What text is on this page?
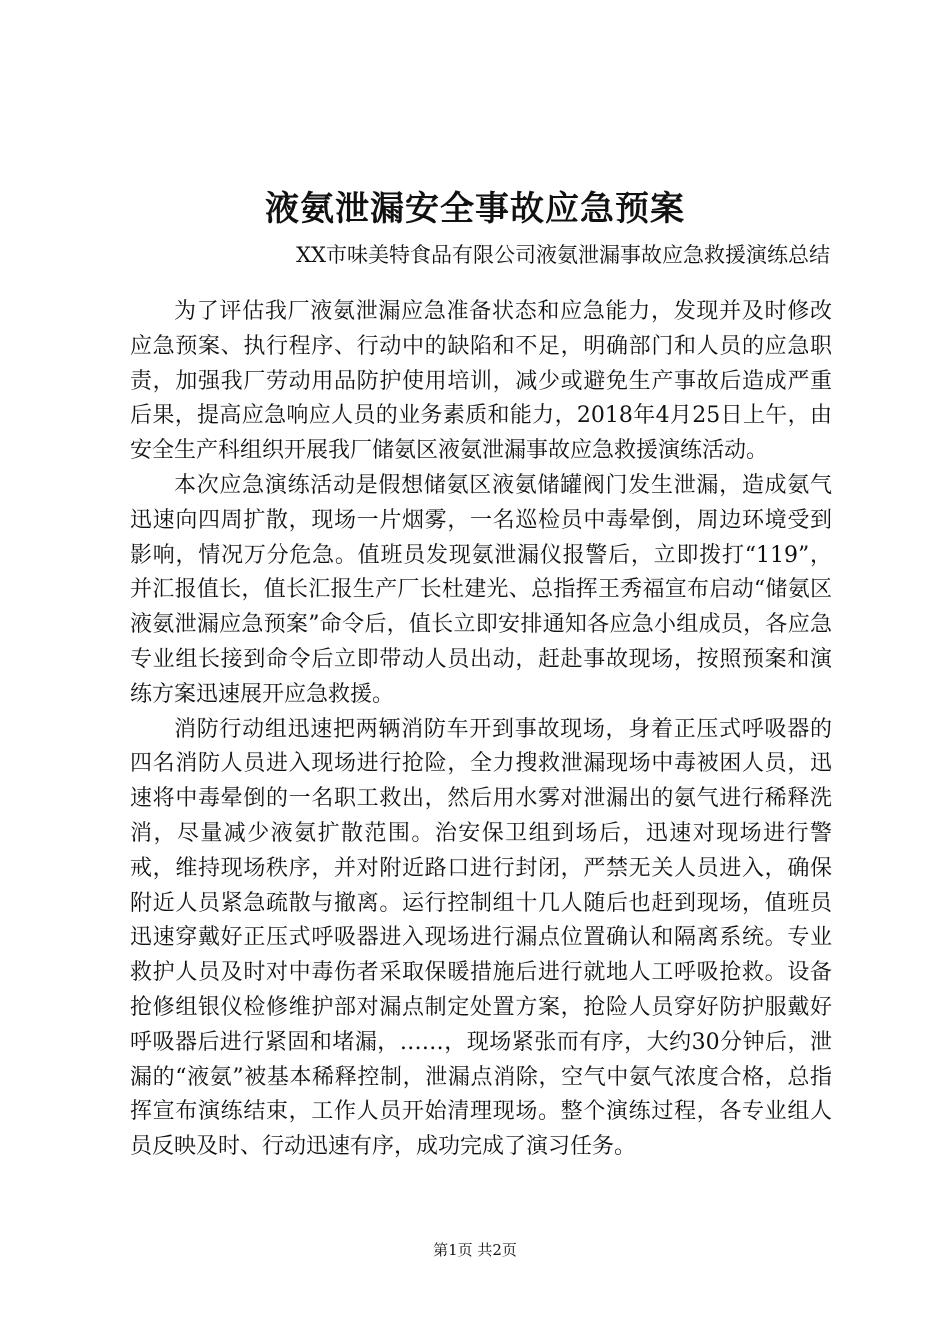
液氨泄漏安全事故应急预案
XX市味美特食品有限公司液氨泄漏事故应急救援演练总结

为了评估我厂液氨泄漏应急准备状态和应急能力，发现并及时修改应急预案、执行程序、行动中的缺陷和不足，明确部门和人员的应急职责，加强我厂劳动用品防护使用培训，减少或避免生产事故后造成严重后果，提高应急响应人员的业务素质和能力，2018年4月25日上午，由安全生产科组织开展我厂储氨区液氨泄漏事故应急救援演练活动。

本次应急演练活动是假想储氨区液氨储罐阀门发生泄漏，造成氨气迅速向四周扩散，现场一片烟雾，一名巡检员中毒晕倒，周边环境受到影响，情况万分危急。值班员发现氨泄漏仪报警后，立即拨打“119”，并汇报值长，值长汇报生产厂长杜建光、总指挥王秀福宣布启动“储氨区液氨泄漏应急预案”命令后，值长立即安排通知各应急小组成员，各应急专业组长接到命令后立即带动人员出动，赶赴事故现场，按照预案和演练方案迅速展开应急救援。

消防行动组迅速把两辆消防车开到事故现场，身着正压式呼吸器的四名消防人员进入现场进行抢险，全力搜救泄漏现场中毒被困人员，迅速将中毒晕倒的一名职工救出，然后用水雾对泄漏出的氨气进行稀释洗消，尽量减少液氨扩散范围。治安保卫组到场后，迅速对现场进行警戒，维持现场秩序，并对附近路口进行封闭，严禁无关人员进入，确保附近人员紧急疏散与撤离。运行控制组十几人随后也赶到现场，值班员迅速穿戴好正压式呼吸器进入现场进行漏点位置确认和隔离系统。专业救护人员及时对中毒伤者采取保暖措施后进行就地人工呼吸抢救。设备抢修组银仪检修维护部对漏点制定处置方案，抢险人员穿好防护服戴好呼吸器后进行紧固和堵漏，……，现场紧张而有序，大约30分钟后，泄漏的“液氨”被基本稀释控制，泄漏点消除，空气中氨气浓度合格，总指挥宣布演练结束，工作人员开始清理现场。整个演练过程，各专业组人员反映及时、行动迅速有序，成功完成了演习任务。

第1页 共2页
